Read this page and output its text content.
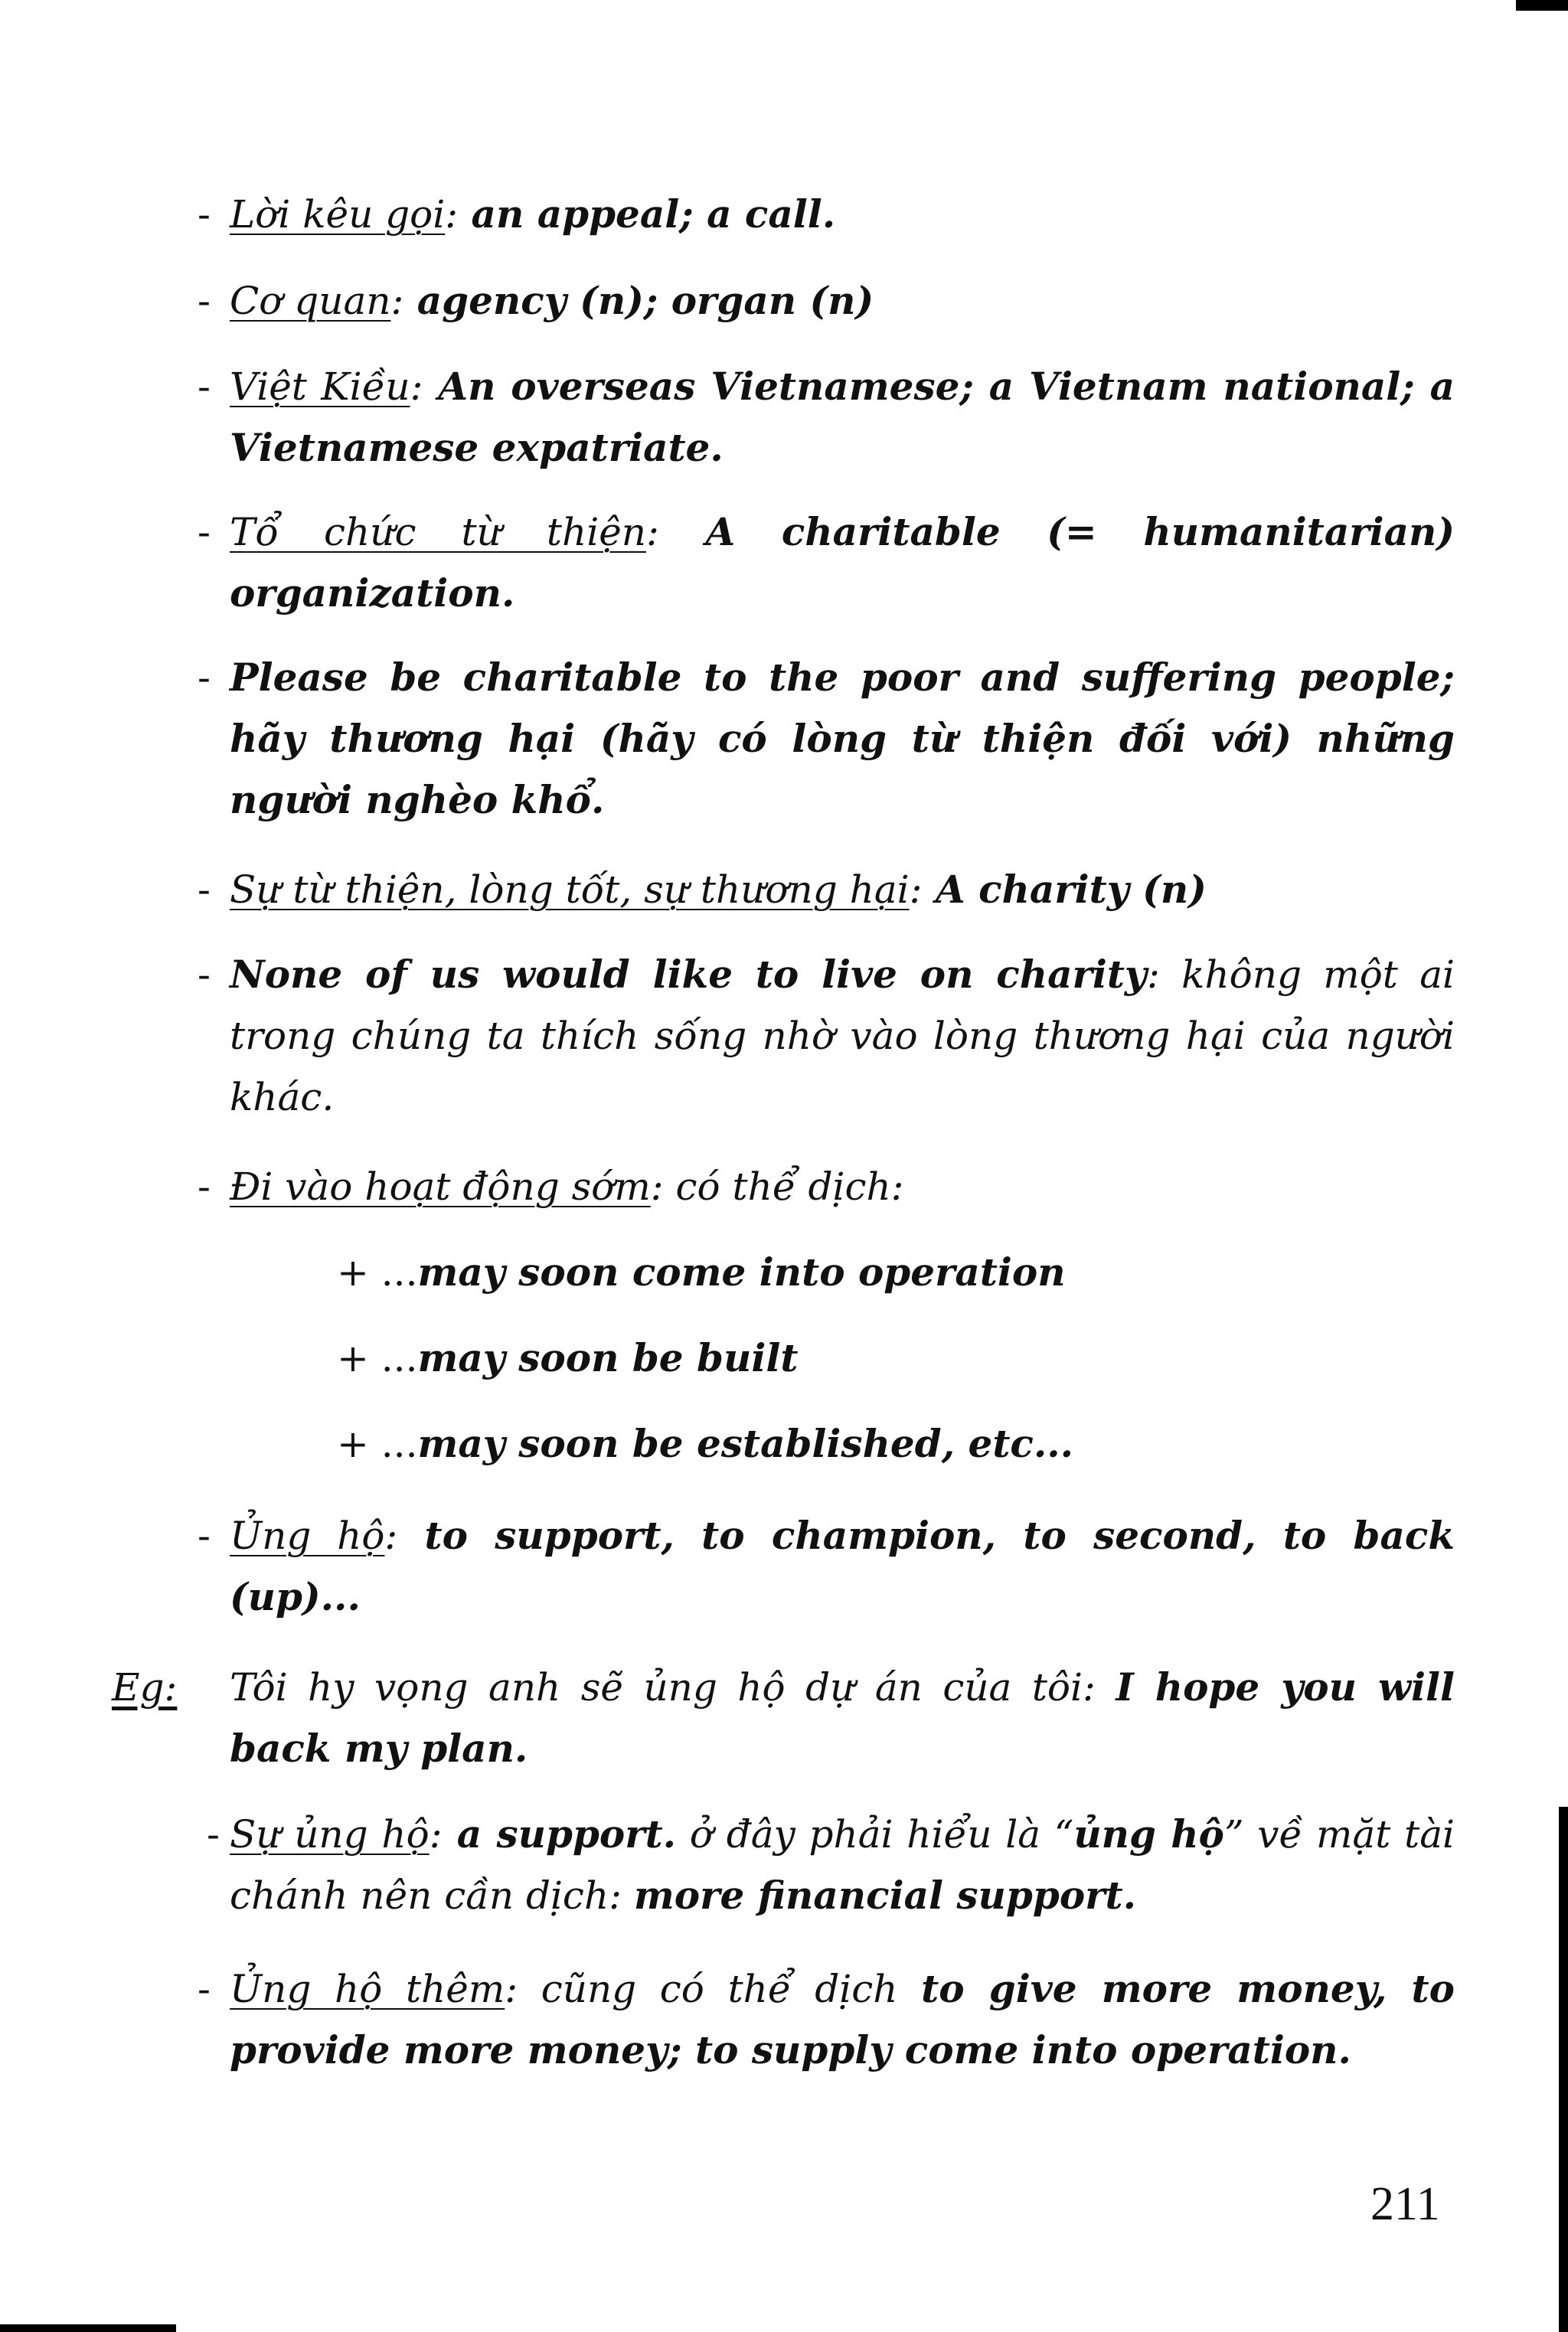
- Lời kêu gọi: an appeal; a call.
- Cơ quan: agency (n); organ (n)
- Việt Kiều: An overseas Vietnamese; a Vietnam national; a Vietnamese expatriate.
- Tổ chức từ thiện: A charitable (= humanitarian) organization.
- Please be charitable to the poor and suffering people; hãy thương hại (hãy có lòng từ thiện đối với) những người nghèo khổ.
- Sự từ thiện, lòng tốt, sự thương hại: A charity (n)
- None of us would like to live on charity: không một ai trong chúng ta thích sống nhờ vào lòng thương hại của người khác.
- Đi vào hoạt động sớm: có thể dịch:
+ ...may soon come into operation
+ ...may soon be built
+ ...may soon be established, etc...
- Ủng hộ: to support, to champion, to second, to back (up)...
Eg: Tôi hy vọng anh sẽ ủng hộ dự án của tôi: I hope you will back my plan.
- Sự ủng hộ: a support. ở đây phải hiểu là “ủng hộ” về mặt tài chánh nên cần dịch: more financial support.
- Ủng hộ thêm: cũng có thể dịch to give more money, to provide more money; to supply come into operation.
211
